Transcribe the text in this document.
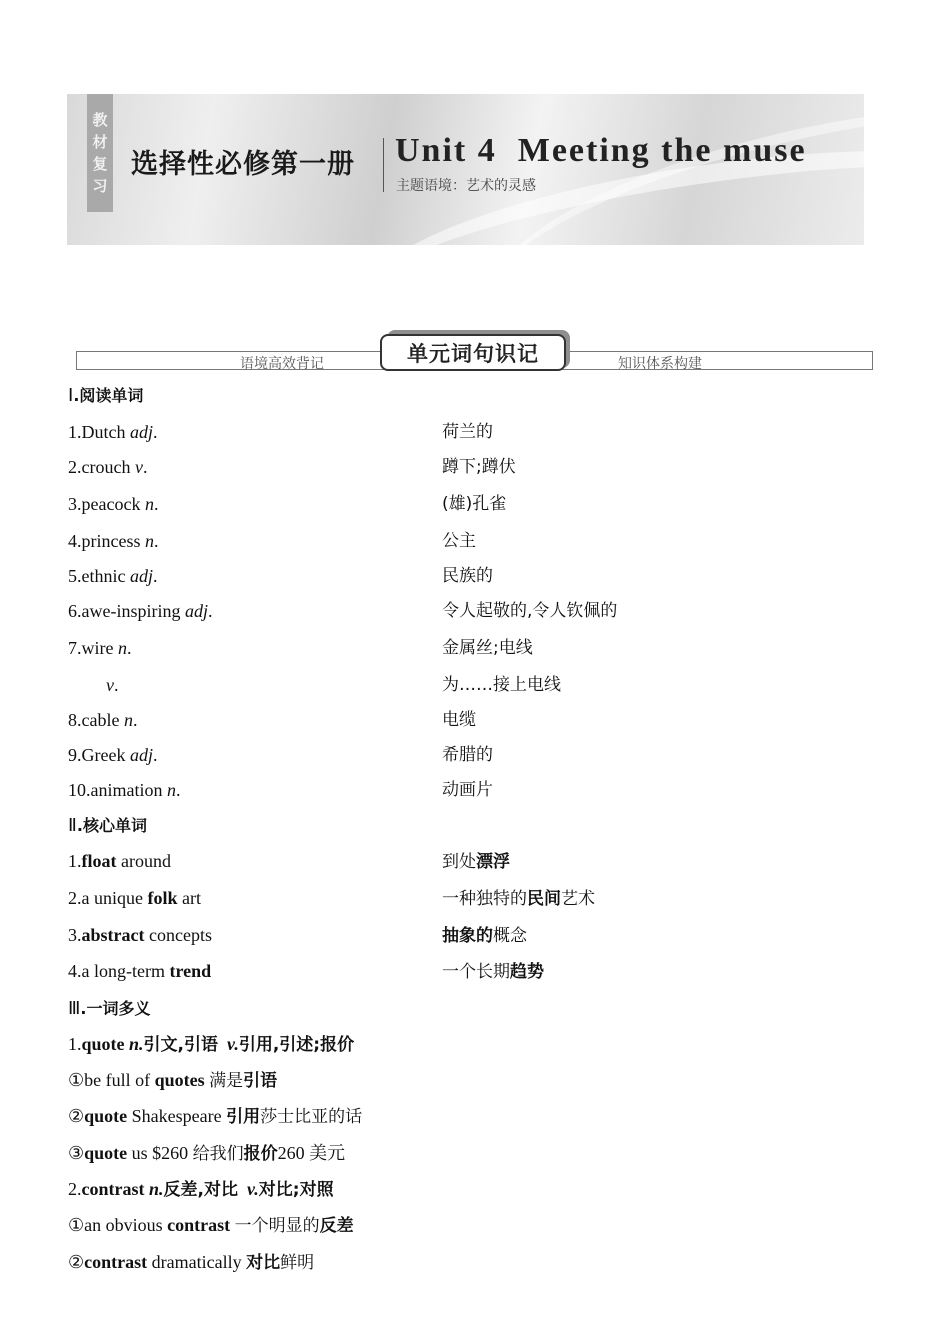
教
材
复
习
选择性必修第一册 Unit 4 Meeting the muse
主题语境：艺术的灵感
语境高效背记	知识体系构建
单元词句识记
Ⅰ.阅读单词
1.Dutch adj.	荷兰的
2.crouch v.	蹲下;蹲伏
3.peacock n.	(雄)孔雀
4.princess n.	公主
5.ethnic adj.	民族的
6.awe-inspiring adj.	令人起敬的,令人钦佩的
7.wire n.	金属丝;电线
v.	为……接上电线
8.cable n.	电缆
9.Greek adj.	希腊的
10.animation n.	动画片
Ⅱ.核心单词
1.float around	到处漂浮
2.a unique folk art	一种独特的民间艺术
3.abstract concepts	抽象的概念
4.a long-term trend	一个长期趋势
Ⅲ.一词多义
1.quote n.引文,引语 v.引用,引述;报价
①be full of quotes 满是引语
②quote Shakespeare 引用莎士比亚的话
③quote us $260 给我们报价260 美元
2.contrast n.反差,对比 v.对比;对照
①an obvious contrast 一个明显的反差
②contrast dramatically 对比鲜明
